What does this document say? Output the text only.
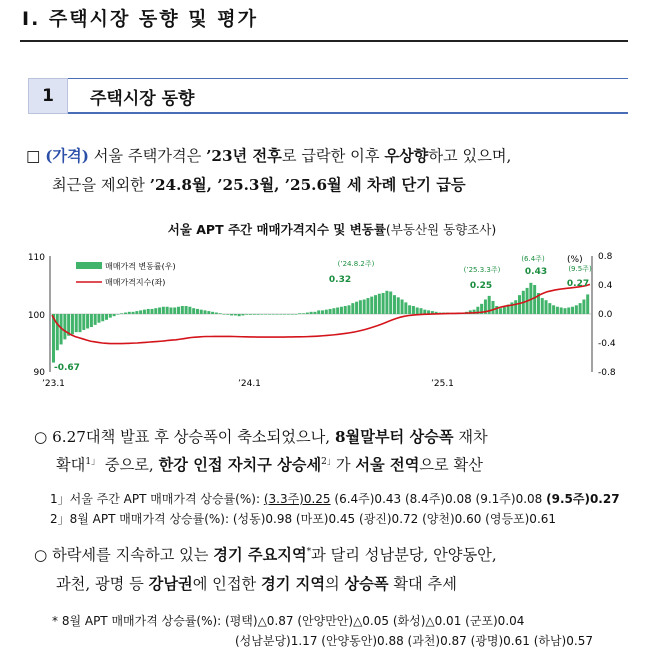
Ⅰ. 주택시장 동향 및 평가
1	주택시장 동향
□ (가격) 서울 주택가격은 ’23년 전후로 급락한 이후 우상향하고 있으며,
최근을 제외한 ’24.8월, ’25.3월, ’25.6월 세 차례 단기 급등
서울 APT 주간 매매가격지수 및 변동률(부동산원 동향조사)
110
100
90
(%) 0.8
0.4
0.0
-0.4
-0.8
’23.1	’24.1	’25.1
매매가격 변동률(우)
매매가격지수(좌)
(’24.8.2주)
0.32
(’25.3.3주)
0.25
(6.4주)
0.43	(9.5주)
0.27
-0.67
○ 6.27대책 발표 후 상승폭이 축소되었으나, 8월말부터 상승폭 재차
확대$^{1」}$ 중으로, 한강 인접 자치구 상승세$^{2」}$가 서울 전역으로 확산
1」서울 주간 APT 매매가격 상승률(%): (3.3주)0.25 (6.4주)0.43 (8.4주)0.08 (9.1주)0.08 (9.5주)0.27
2」8월 APT 매매가격 상승률(%): (성동)0.98 (마포)0.45 (광진)0.72 (양천)0.60 (영등포)0.61
○ 하락세를 지속하고 있는 경기 주요지역*과 달리 성남분당, 안양동안,
과천, 광명 등 강남권에 인접한 경기 지역의 상승폭 확대 추세
* 8월 APT 매매가격 상승률(%): (평택)△0.87 (안양만안)△0.05 (화성)△0.01 (군포)0.04
(성남분당)1.17 (안양동안)0.88 (과천)0.87 (광명)0.61 (하남)0.57
